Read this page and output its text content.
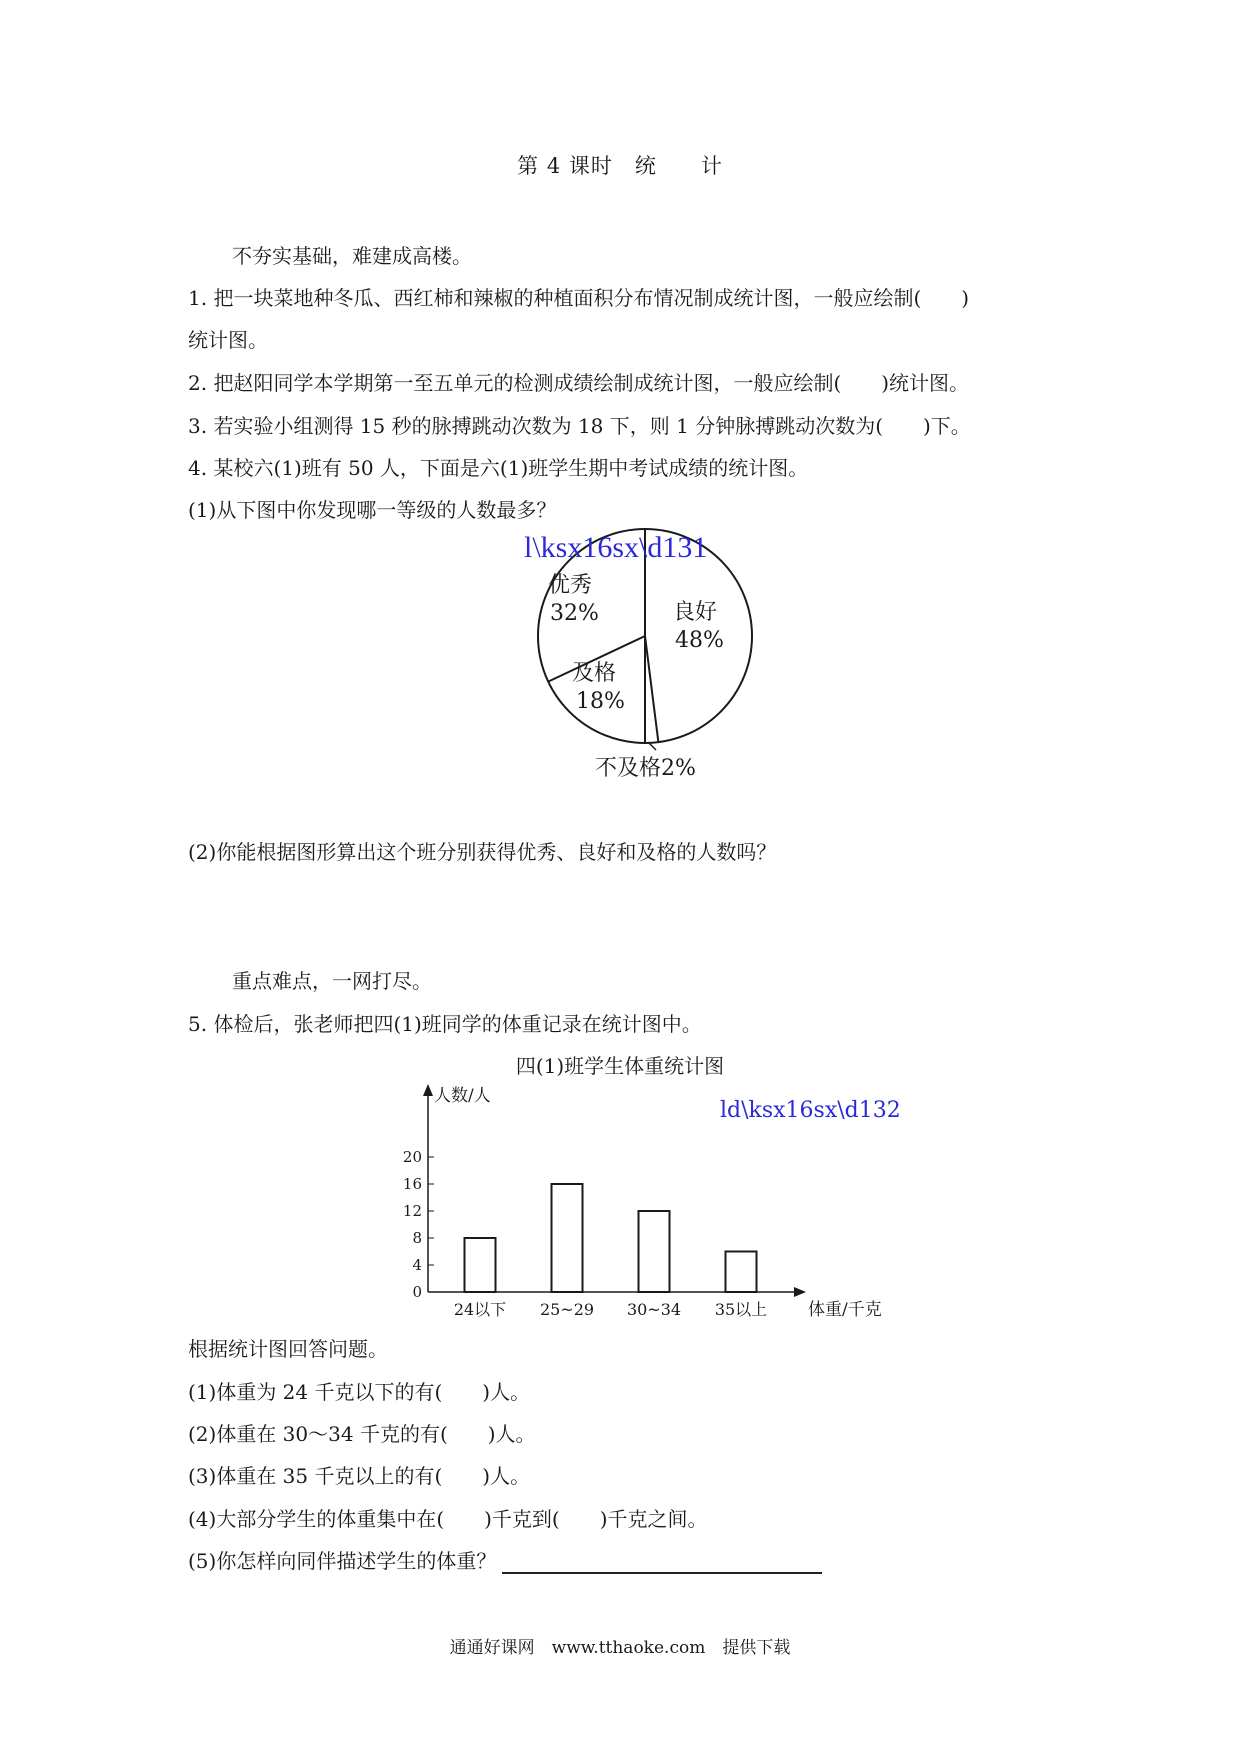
第 4 课时　统　　计
不夯实基础，难建成高楼。
1. 把一块菜地种冬瓜、西红柿和辣椒的种植面积分布情况制成统计图，一般应绘制(　　)
统计图。
2. 把赵阳同学本学期第一至五单元的检测成绩绘制成统计图，一般应绘制(　　)统计图。
3. 若实验小组测得 15 秒的脉搏跳动次数为 18 下，则 1 分钟脉搏跳动次数为(　　)下。
4. 某校六(1)班有 50 人，下面是六(1)班学生期中考试成绩的统计图。
(1)从下图中你发现哪一等级的人数最多？
l\ksx16sx\d131
优秀
32%	良好
48%
及格
18%
不及格2%
(2)你能根据图形算出这个班分别获得优秀、良好和及格的人数吗？
重点难点，一网打尽。
5. 体检后，张老师把四(1)班同学的体重记录在统计图中。
四(1)班学生体重统计图
人数/人
体重/千克
ld\ksx16sx\d132
0
4
8
12
16
20
24以下 25~29 30~34 35以上
根据统计图回答问题。
(1)体重为 24 千克以下的有(　　)人。
(2)体重在 30～34 千克的有(　　)人。
(3)体重在 35 千克以上的有(　　)人。
(4)大部分学生的体重集中在(　　)千克到(　　)千克之间。
(5)你怎样向同伴描述学生的体重？
通通好课网　www.tthaoke.com　提供下载
